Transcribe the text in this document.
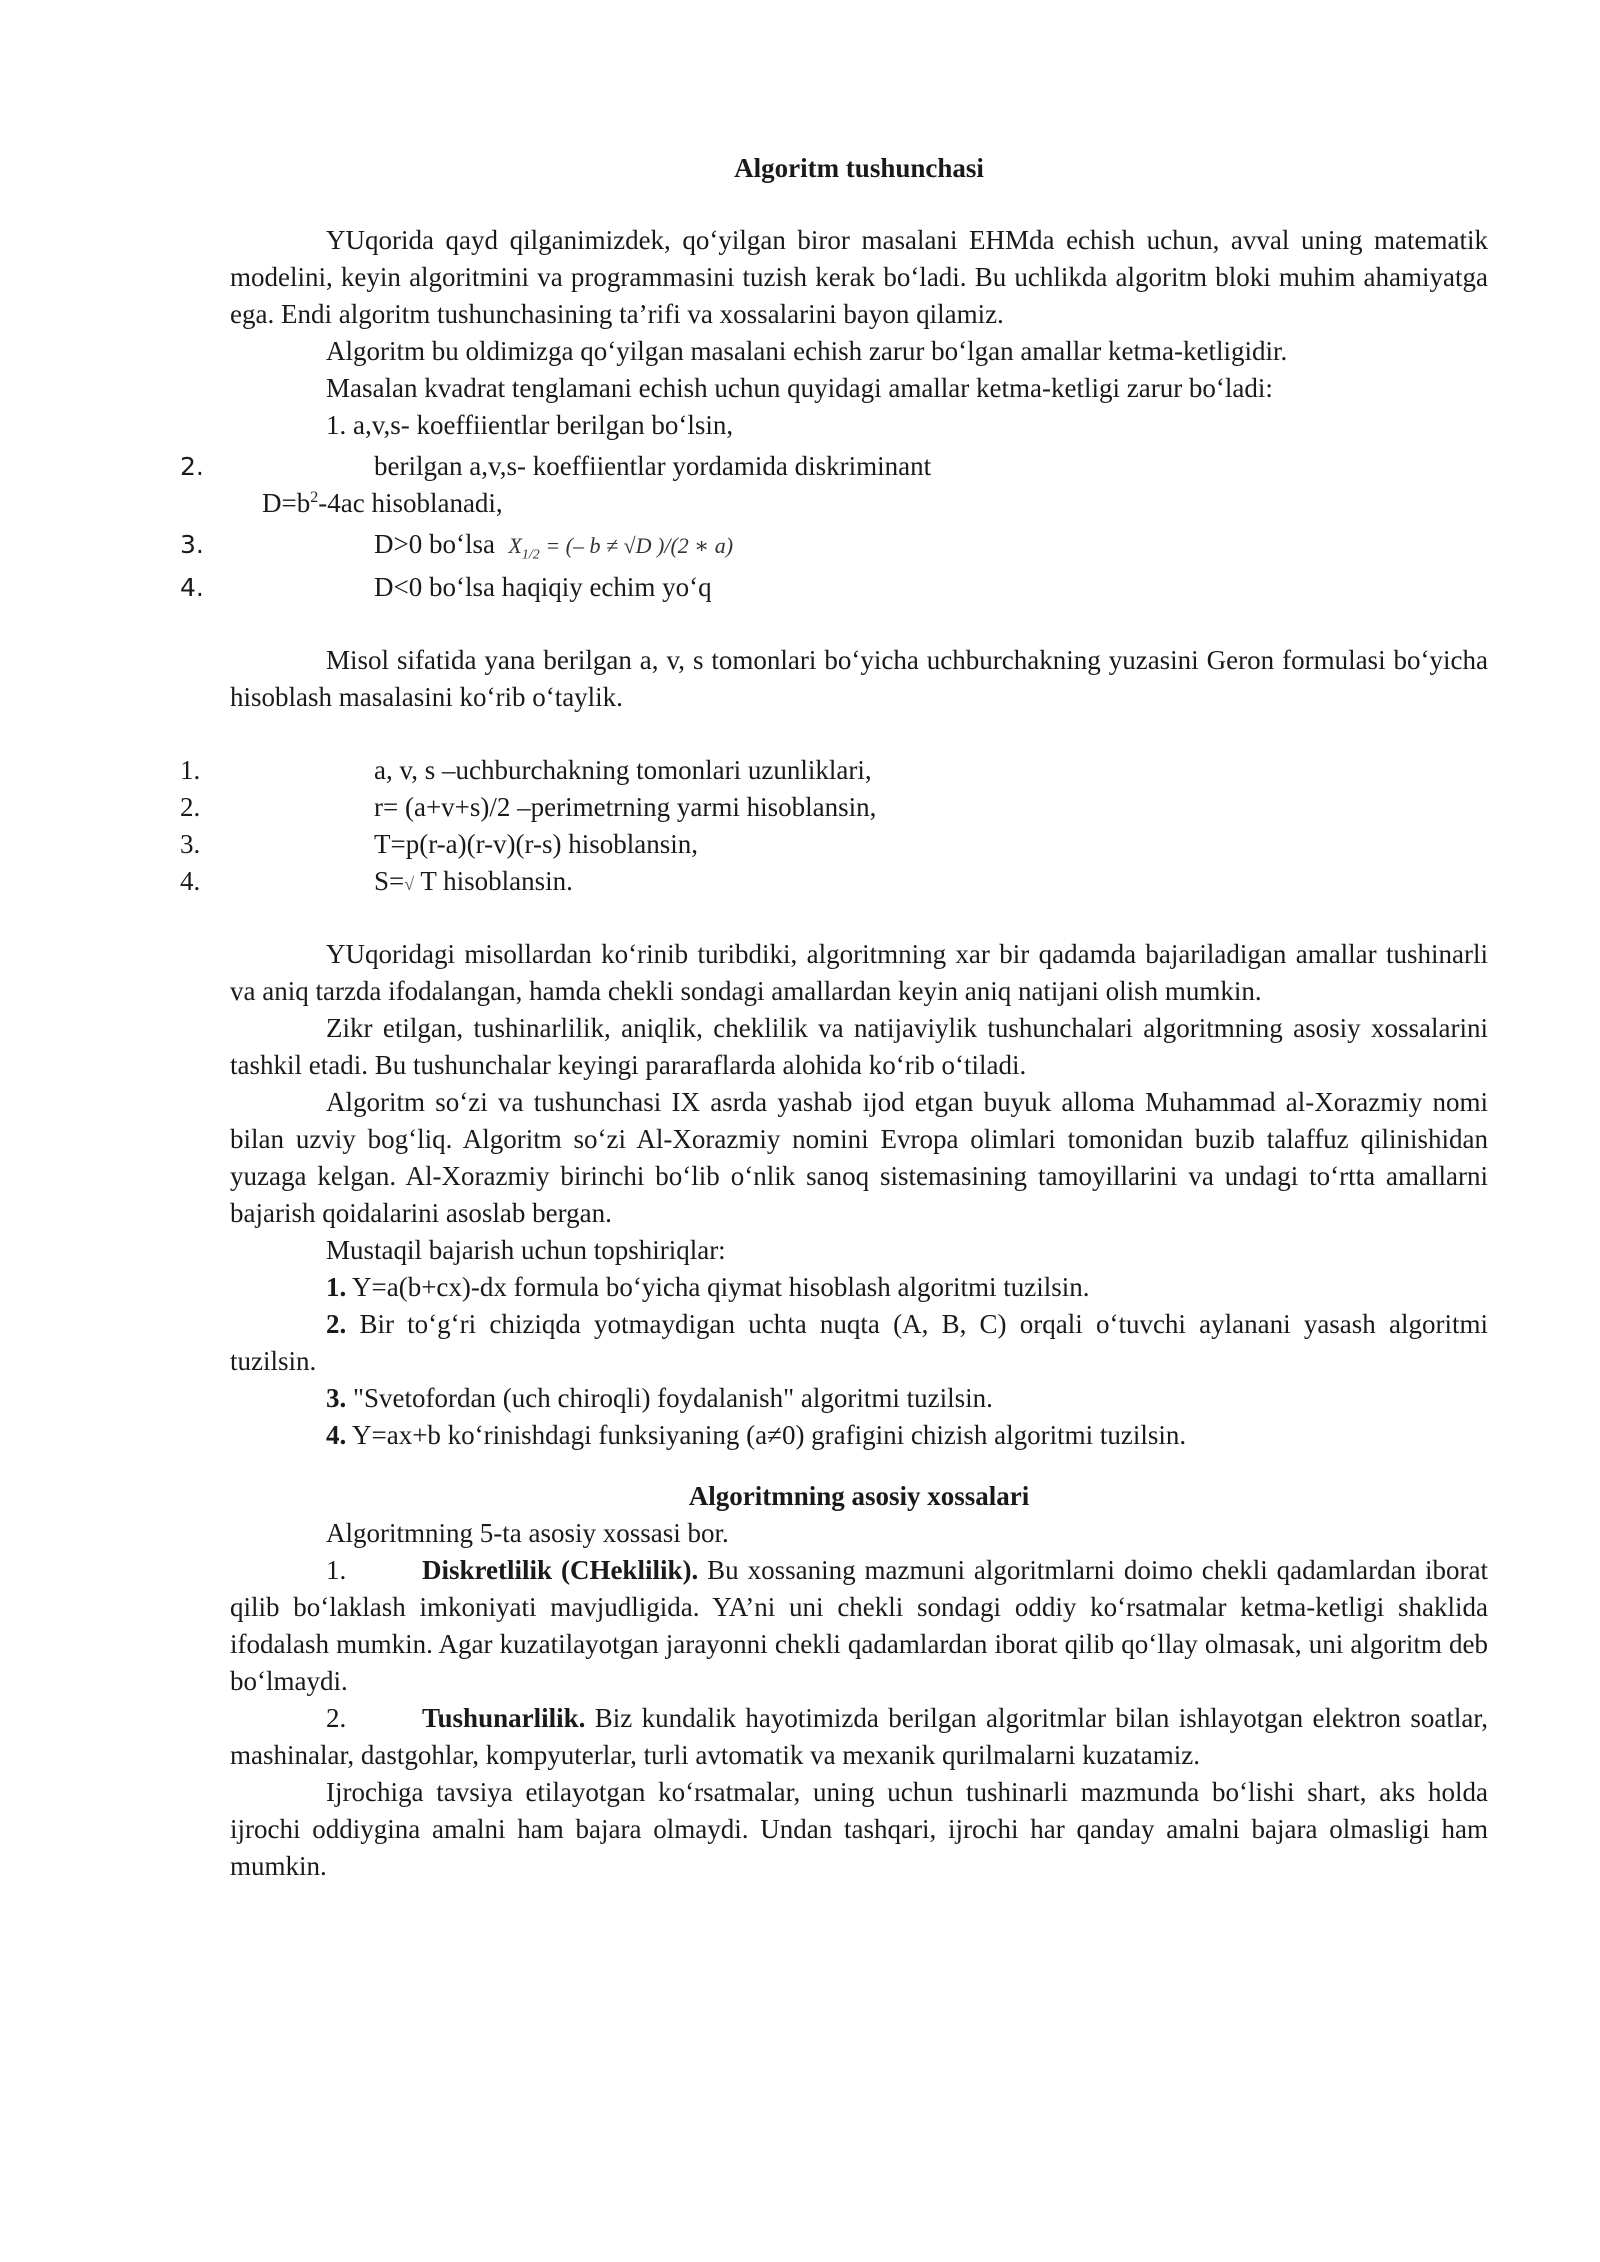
Algoritm tushunchasi

YUqorida qayd qilganimizdek, qo‘yilgan biror masalani EHMda echish uchun, avval uning matematik modelini, keyin algoritmini va programmasini tuzish kerak bo‘ladi. Bu uchlikda algoritm bloki muhim ahamiyatga ega. Endi algoritm tushunchasining ta’rifi va xossalarini bayon qilamiz.

Algoritm bu oldimizga qo‘yilgan masalani echish zarur bo‘lgan amallar ketma-ketligidir.

Masalan kvadrat tenglamani echish uchun quyidagi amallar ketma-ketligi zarur bo‘ladi:

1. a,v,s- koeffiientlar berilgan bo‘lsin,
2.	berilgan a,v,s- koeffiientlar yordamida diskriminant
$D=b^2-4ac$ hisoblanadi,
3.	D>0 bo‘lsa $X_{1/2}$ = (– b ≠ √D )/(2 ∗ a)
4.	D<0 bo‘lsa haqiqiy echim yo‘q

Misol sifatida yana berilgan a, v, s tomonlari bo‘yicha uchburchakning yuzasini Geron formulasi bo‘yicha hisoblash masalasini ko‘rib o‘taylik.

1.	a, v, s –uchburchakning tomonlari uzunliklari,
2.	r= (a+v+s)/2 –perimetrning yarmi hisoblansin,
3.	T=p(r-a)(r-v)(r-s) hisoblansin,
4.	S=√ T hisoblansin.

YUqoridagi misollardan ko‘rinib turibdiki, algoritmning xar bir qadamda bajariladigan amallar tushinarli va aniq tarzda ifodalangan, hamda chekli sondagi amallardan keyin aniq natijani olish mumkin.

Zikr etilgan, tushinarlilik, aniqlik, cheklilik va natijaviylik tushunchalari algoritmning asosiy xossalarini tashkil etadi. Bu tushunchalar keyingi pararaflarda alohida ko‘rib o‘tiladi.

Algoritm so‘zi va tushunchasi IX asrda yashab ijod etgan buyuk alloma Muhammad al-Xorazmiy nomi bilan uzviy bog‘liq. Algoritm so‘zi Al-Xorazmiy nomini Evropa olimlari tomonidan buzib talaffuz qilinishidan yuzaga kelgan. Al-Xorazmiy birinchi bo‘lib o‘nlik sanoq sistemasining tamoyillarini va undagi to‘rtta amallarni bajarish qoidalarini asoslab bergan.

Mustaqil bajarish uchun topshiriqlar:

1. Y=a(b+cx)-dx formula bo‘yicha qiymat hisoblash algoritmi tuzilsin.

2. Bir to‘g‘ri chiziqda yotmaydigan uchta nuqta (A, B, C) orqali o‘tuvchi aylanani yasash algoritmi tuzilsin.

3. "Svetofordan (uch chiroqli) foydalanish" algoritmi tuzilsin.

4. Y=ax+b ko‘rinishdagi funksiyaning (a≠0) grafigini chizish algoritmi tuzilsin.

Algoritmning asosiy xossalari

Algoritmning 5-ta asosiy xossasi bor.

1.	Diskretlilik (CHeklilik). Bu xossaning mazmuni algoritmlarni doimo chekli qadamlardan iborat qilib bo‘laklash imkoniyati mavjudligida. YA’ni uni chekli sondagi oddiy ko‘rsatmalar ketma-ketligi shaklida ifodalash mumkin. Agar kuzatilayotgan jarayonni chekli qadamlardan iborat qilib qo‘llay olmasak, uni algoritm deb bo‘lmaydi.

2.	Tushunarlilik. Biz kundalik hayotimizda berilgan algoritmlar bilan ishlayotgan elektron soatlar, mashinalar, dastgohlar, kompyuterlar, turli avtomatik va mexanik qurilmalarni kuzatamiz.

Ijrochiga tavsiya etilayotgan ko‘rsatmalar, uning uchun tushinarli mazmunda bo‘lishi shart, aks holda ijrochi oddiygina amalni ham bajara olmaydi. Undan tashqari, ijrochi har qanday amalni bajara olmasligi ham mumkin.
